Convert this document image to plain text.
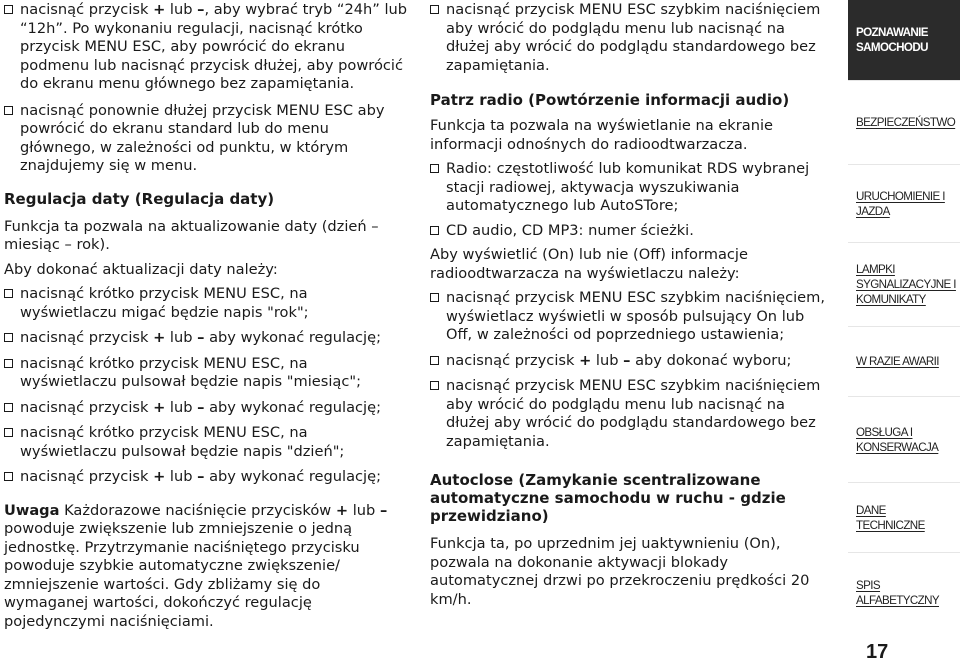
nacisnąć przycisk + lub –, aby wybrać tryb “24h” lub “12h”. Po wykonaniu regulacji, nacisnąć krótko przycisk MENU ESC, aby powrócić do ekranu podmenu lub nacisnąć przycisk dłużej, aby powrócić do ekranu menu głównego bez zapamiętania.
nacisnąć ponownie dłużej przycisk MENU ESC aby powrócić do ekranu standard lub do menu głównego, w zależności od punktu, w którym znajdujemy się w menu.
Regulacja daty (Regulacja daty)

Funkcja ta pozwala na aktualizowanie daty (dzień – miesiąc – rok).

Aby dokonać aktualizacji daty należy:

nacisnąć krótko przycisk MENU ESC, na wyświetlaczu migać będzie napis "rok";
nacisnąć przycisk + lub – aby wykonać regulację;
nacisnąć krótko przycisk MENU ESC, na wyświetlaczu pulsował będzie napis "miesiąc";
nacisnąć przycisk + lub – aby wykonać regulację;
nacisnąć krótko przycisk MENU ESC, na wyświetlaczu pulsował będzie napis "dzień";
nacisnąć przycisk + lub – aby wykonać regulację;

Uwaga Każdorazowe naciśnięcie przycisków + lub – powoduje zwiększenie lub zmniejszenie o jedną jednostkę. Przytrzymanie naciśniętego przycisku powoduje szybkie automatyczne zwiększenie/ zmniejszenie wartości. Gdy zbliżamy się do wymaganej wartości, dokończyć regulację pojedynczymi naciśnięciami.

nacisnąć przycisk MENU ESC szybkim naciśnięciem aby wrócić do podglądu menu lub nacisnąć na dłużej aby wrócić do podglądu standardowego bez zapamiętania.
Patrz radio (Powtórzenie informacji audio)

Funkcja ta pozwala na wyświetlanie na ekranie informacji odnośnych do radioodtwarzacza.

Radio: częstotliwość lub komunikat RDS wybranej stacji radiowej, aktywacja wyszukiwania automatycznego lub AutoSTore;
CD audio, CD MP3: numer ścieżki.

Aby wyświetlić (On) lub nie (Off) informacje radioodtwarzacza na wyświetlaczu należy:

nacisnąć przycisk MENU ESC szybkim naciśnięciem, wyświetlacz wyświetli w sposób pulsujący On lub Off, w zależności od poprzedniego ustawienia;
nacisnąć przycisk + lub – aby dokonać wyboru;
nacisnąć przycisk MENU ESC szybkim naciśnięciem aby wrócić do podglądu menu lub nacisnąć na dłużej aby wrócić do podglądu standardowego bez zapamiętania.
Autoclose (Zamykanie scentralizowane automatyczne samochodu w ruchu - gdzie przewidziano)

Funkcja ta, po uprzednim jej uaktywnieniu (On), pozwala na dokonanie aktywacji blokady automatycznej drzwi po przekroczeniu prędkości 20 km/h.

POZNAWANIE SAMOCHODU
BEZPIECZEŃSTWO
URUCHOMIENIE I JAZDA
LAMPKI SYGNALIZACYJNE I KOMUNIKATY
W RAZIE AWARII
OBSŁUGA I KONSERWACJA
DANE TECHNICZNE
SPIS ALFABETYCZNY
17
